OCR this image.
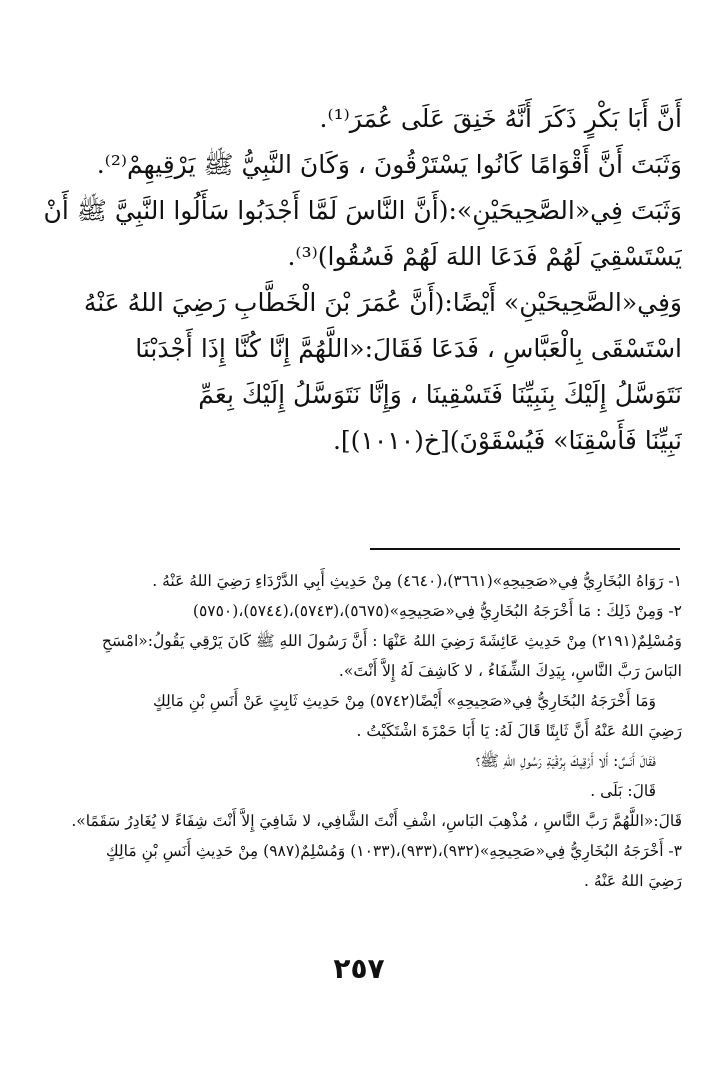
أَنَّ أَبَا بَكْرٍ ذَكَرَ أَنَّهُ خَنِقَ عَلَى عُمَرَ⁽¹⁾.
وَثَبَتَ أَنَّ أَقْوَامًا كَانُوا يَسْتَرْقُونَ ، وَكَانَ النَّبِيُّ ﷺ يَرْقِيهِمْ⁽²⁾.
وَثَبَتَ فِي«الصَّحِيحَيْنِ»:(أَنَّ النَّاسَ لَمَّا أَجْدَبُوا سَأَلُوا النَّبِيَّ ﷺ أَنْ
يَسْتَسْقِيَ لَهُمْ فَدَعَا اللهَ لَهُمْ فَسُقُوا)⁽³⁾.
وَفِي«الصَّحِيحَيْنِ» أَيْضًا:(أَنَّ عُمَرَ بْنَ الْخَطَّابِ رَضِيَ اللهُ عَنْهُ
اسْتَسْقَى بِالْعَبَّاسِ ، فَدَعَا فَقَالَ:«اللَّهُمَّ إِنَّا كُنَّا إِذَا أَجْدَبْنَا
نَتَوَسَّلُ إِلَيْكَ بِنَبِيِّنَا فَتَسْقِينَا ، وَإِنَّا نَتَوَسَّلُ إِلَيْكَ بِعَمِّ
نَبِيِّنَا فَأَسْقِنَا» فَيُسْقَوْنَ)[خ(١٠١٠)].
١- رَوَاهُ البُخَارِيُّ فِي«صَحِيحِهِ»(٣٦٦١)،(٤٦٤٠) مِنْ حَدِيثِ أَبِي الدَّرْدَاءِ رَضِيَ اللهُ عَنْهُ .
٢- وَمِنْ ذَلِكَ : مَا أَخْرَجَهُ البُخَارِيُّ فِي«صَحِيحِهِ»(٥٦٧٥)،(٥٧٤٣)،(٥٧٤٤)،(٥٧٥٠)
وَمُسْلِمٌ(٢١٩١) مِنْ حَدِيثِ عَائِشَةَ رَضِيَ اللهُ عَنْهَا : أَنَّ رَسُولَ اللهِ ﷺ كَانَ يَرْقِي يَقُولُ:«امْسَحِ
البَاسَ رَبَّ النَّاسِ، بِيَدِكَ الشِّفَاءُ ، لا كَاشِفَ لَهُ إِلاَّ أَنْتَ».
وَمَا أَخْرَجَهُ البُخَارِيُّ فِي«صَحِيحِهِ» أَيْضًا(٥٧٤٢) مِنْ حَدِيثِ ثَابِتٍ عَنْ أَنَسِ بْنِ مَالِكٍ
رَضِيَ اللهُ عَنْهُ أَنَّ ثَابِتًا قَالَ لَهُ: يَا أَبَا حَمْزَةَ اشْتَكَيْتُ .
فَقَالَ أَنَسٌ: أَلا أَرْقِيكَ بِرُقْيَةِ رَسُولِ اللهِ ﷺ؟
قَالَ: بَلَى .
قَالَ:«اللَّهُمَّ رَبَّ النَّاسِ ، مُذْهِبَ البَاسِ، اشْفِ أَنْتَ الشَّافِي، لا شَافِيَ إِلاَّ أَنْتَ شِفَاءً لا يُغَادِرُ سَقَمًا».
٣- أَخْرَجَهُ البُخَارِيُّ فِي«صَحِيحِهِ»(٩٣٢)،(٩٣٣)،(١٠٣٣) وَمُسْلِمٌ(٩٨٧) مِنْ حَدِيثِ أَنَسِ بْنِ مَالِكٍ
رَضِيَ اللهُ عَنْهُ .
٢٥٧
